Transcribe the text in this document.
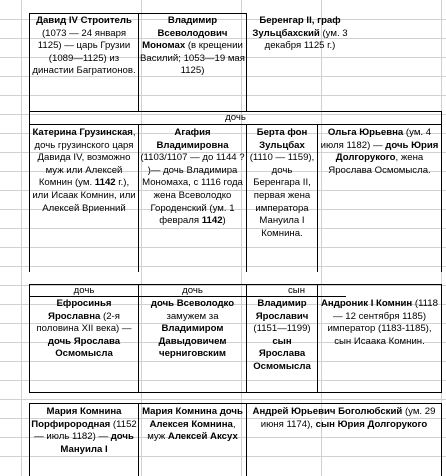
Давид IV Строитель (1073 — 24 января 1125) — царь Грузии (1089—1125) из династии Багратионов.
Владимир Всеволодович Мономах (в крещении Василий; 1053—19 мая 1125)
Беренгар II, граф Зульцбахский (ум. 3 декабря 1125 г.)
дочь
Катерина Грузинская, дочь грузинского царя Давида IV, возможно муж или Алексей Комнин (ум. 1142 г.), или Исаак Комнин, или Алексей Вриенний
Агафия Владимировна (1103/1107 — до 1144 ? )— дочь Владимира Мономаха, с 1116 года жена Всеволодко Городенский (ум. 1 февраля 1142)
Берта фон Зульцбах (1110 — 1159), дочь Беренгара II, первая жена императора Мануила I Комнина.
Ольга Юрьевна (ум. 4 июля 1182) — дочь Юрия Долгорукого, жена Ярослава Осмомысла.
дочь	дочь	сын
Ефросинья Ярославна (2-я половина XII века) — дочь Ярослава Осмомысла
дочь Всеволодко замужем за Владимиром Давыдовичем черниговским
Владимир Ярославич (1151—1199) сын Ярослава Осмомысла
Андроник I Комнин (1118 — 12 сентября 1185) император (1183-1185), сын Исаака Комнин.
Мария Комнина Порфирородная (1152 — июль 1182) — дочь Мануила I
Мария Комнина дочь Алексея Комнина, муж Алексей Аксух
Андрей Юрьевич Боголюбский (ум. 29 июня 1174), сын Юрия Долгорукого
